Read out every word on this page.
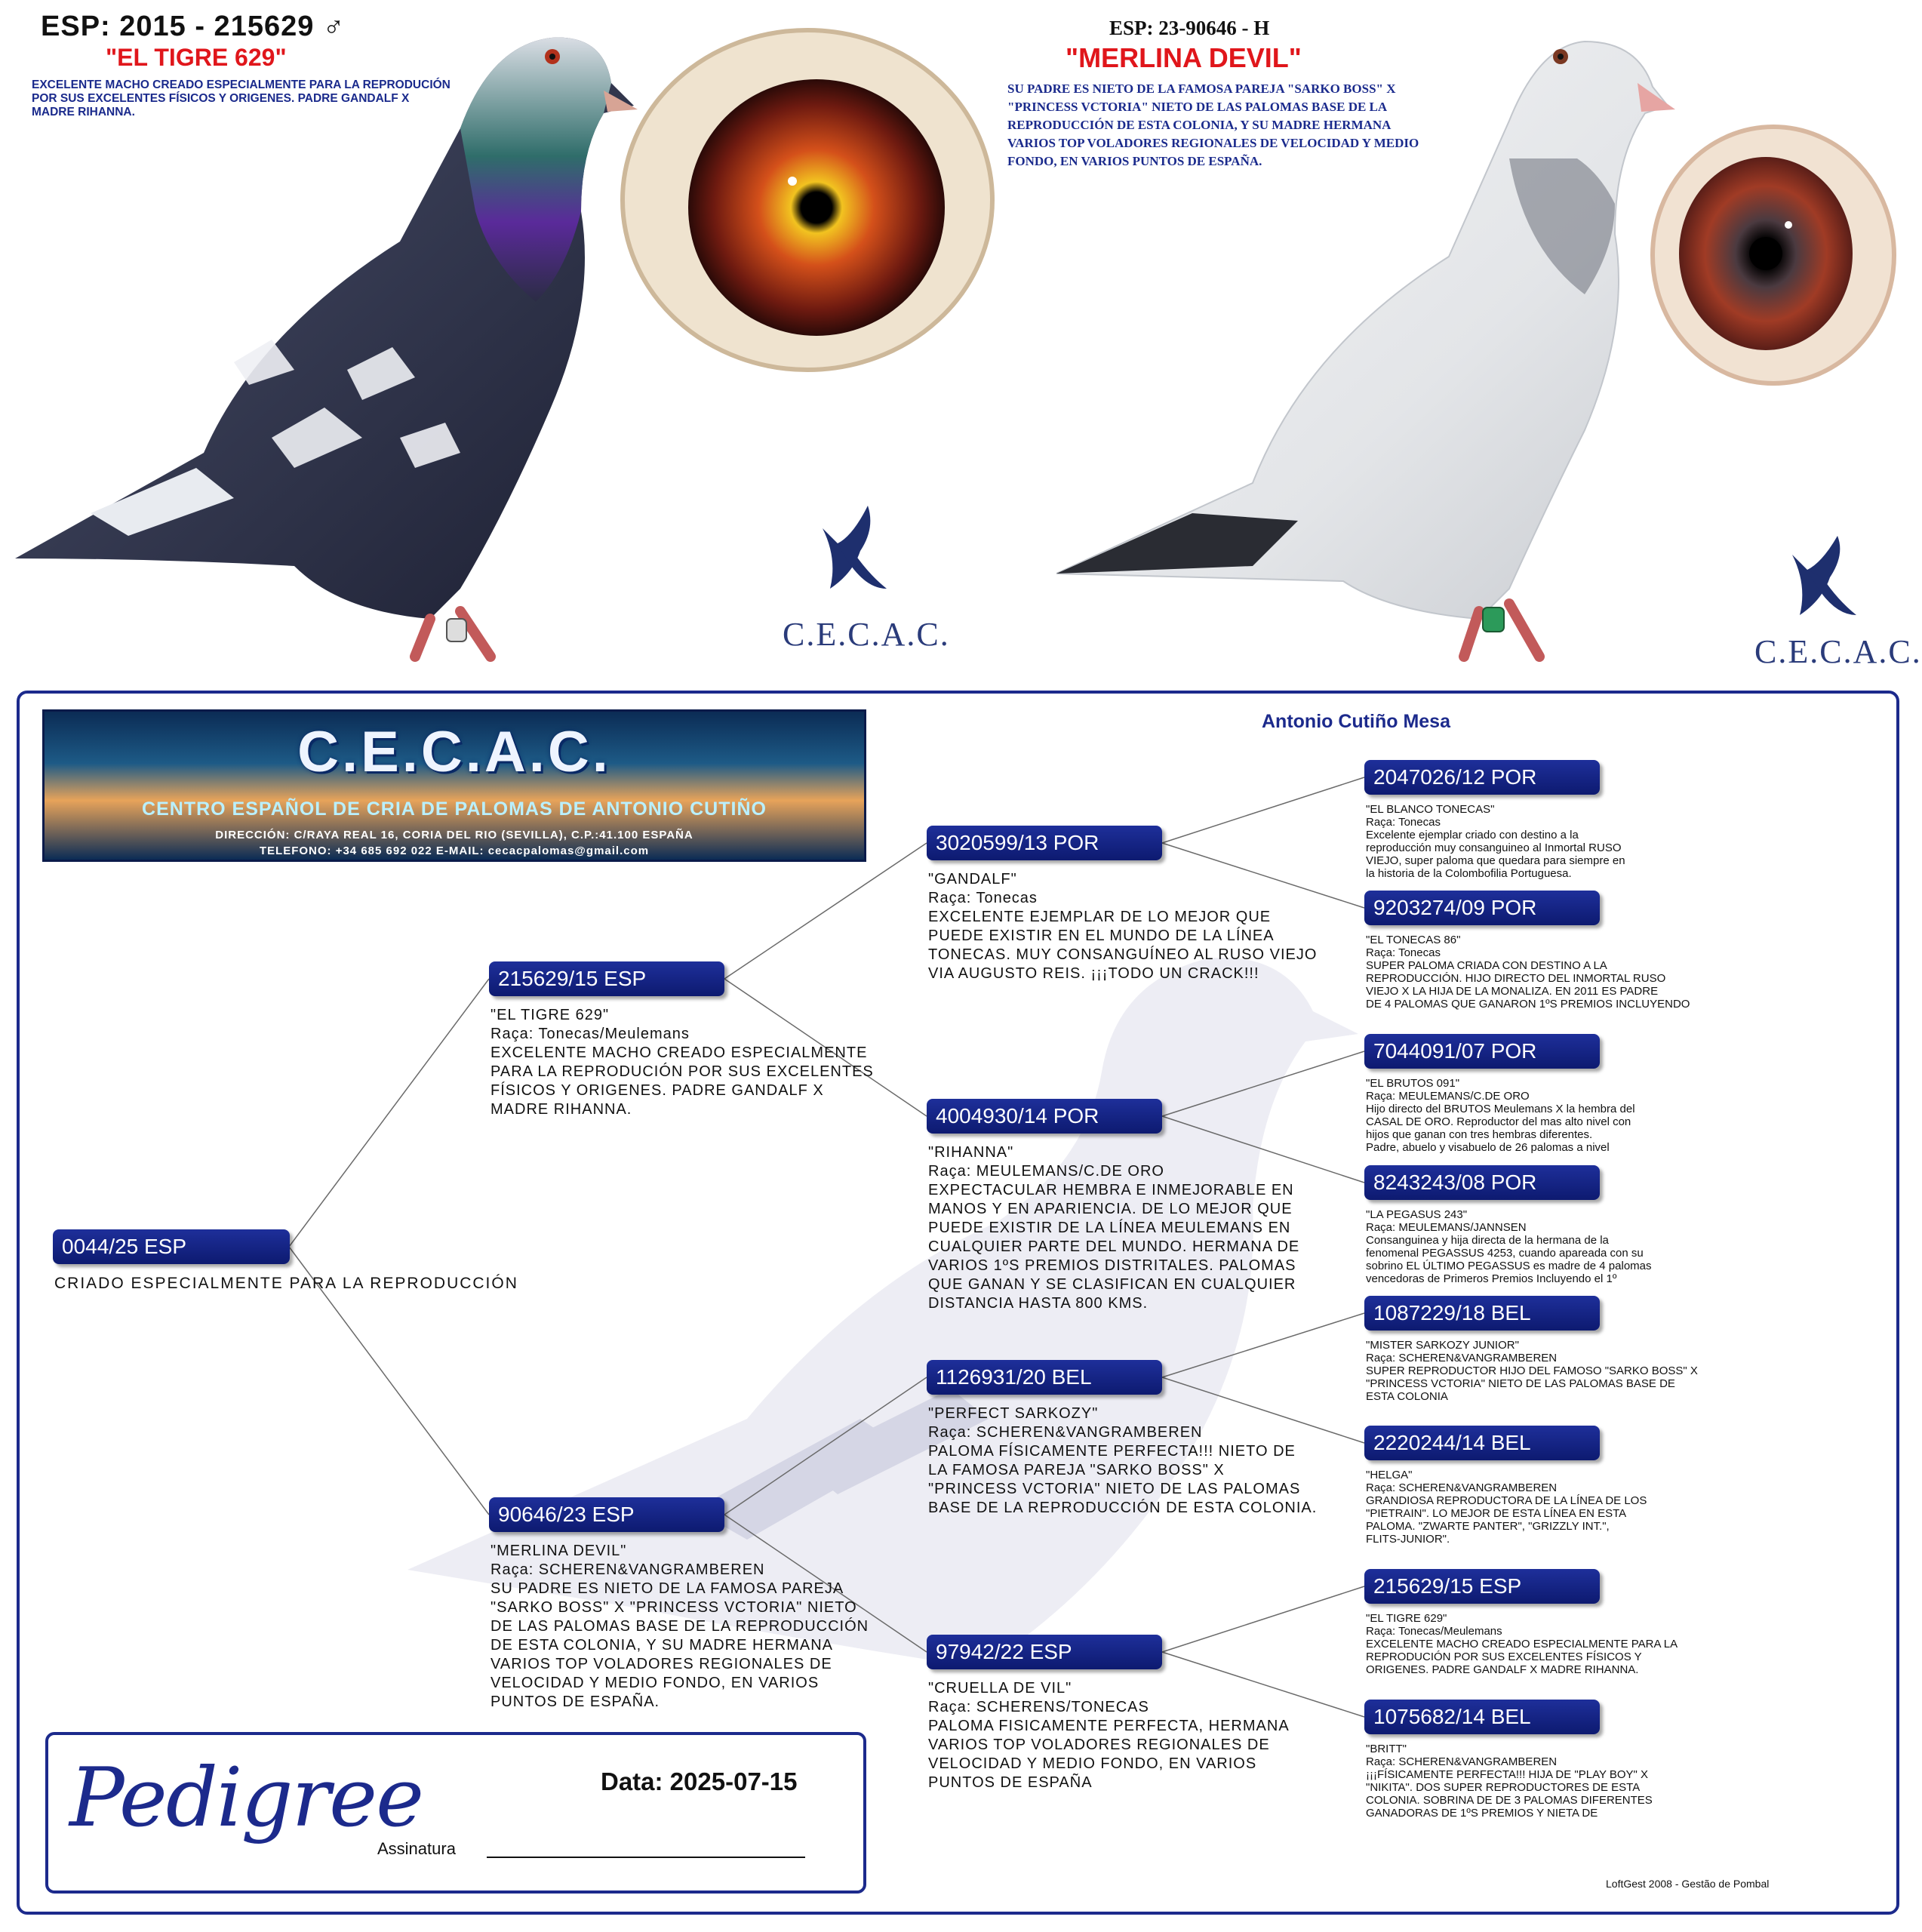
ESP: 2015 - 215629 ♂
"EL TIGRE 629"
EXCELENTE MACHO CREADO ESPECIALMENTE PARA LA REPRODUCIÓN POR SUS EXCELENTES FÍSICOS Y ORIGENES. PADRE GANDALF X MADRE RIHANNA.
ESP: 23-90646 - H
"MERLINA DEVIL"
SU PADRE ES NIETO DE LA FAMOSA PAREJA "SARKO BOSS" X "PRINCESS VCTORIA" NIETO DE LAS PALOMAS BASE DE LA REPRODUCCIÓN DE ESTA COLONIA, Y SU MADRE HERMANA VARIOS TOP VOLADORES REGIONALES DE VELOCIDAD Y MEDIO FONDO, EN VARIOS PUNTOS DE ESPAÑA.
C.E.C.A.C.	C.E.C.A.C.
C.E.C.A.C.
CENTRO ESPAÑOL DE CRIA DE PALOMAS DE ANTONIO CUTIÑO
DIRECCIÓN: C/RAYA REAL 16, CORIA DEL RIO (SEVILLA), C.P.:41.100 ESPAÑA
TELEFONO: +34 685 692 022 E-MAIL: cecacpalomas@gmail.com
Antonio Cutiño Mesa
0044/25 ESP
CRIADO ESPECIALMENTE PARA LA REPRODUCCIÓN
215629/15 ESP

"EL TIGRE 629"

Raça: Tonecas/Meulemans

EXCELENTE MACHO CREADO ESPECIALMENTE

PARA LA REPRODUCIÓN POR SUS EXCELENTES

FÍSICOS Y ORIGENES. PADRE GANDALF X

MADRE RIHANNA.

90646/23 ESP

"MERLINA DEVIL"

Raça: SCHEREN&VANGRAMBEREN

SU PADRE ES NIETO DE LA FAMOSA PAREJA

"SARKO BOSS" X "PRINCESS VCTORIA" NIETO

DE LAS PALOMAS BASE DE LA REPRODUCCIÓN

DE ESTA COLONIA, Y SU MADRE HERMANA

VARIOS TOP VOLADORES REGIONALES DE

VELOCIDAD Y MEDIO FONDO, EN VARIOS

PUNTOS DE ESPAÑA.

3020599/13 POR

"GANDALF"

Raça: Tonecas

EXCELENTE EJEMPLAR DE LO MEJOR QUE

PUEDE EXISTIR EN EL MUNDO DE LA LÍNEA

TONECAS. MUY CONSANGUÍNEO AL RUSO VIEJO

VIA AUGUSTO REIS. ¡¡¡TODO UN CRACK!!!

4004930/14 POR

"RIHANNA"

Raça: MEULEMANS/C.DE ORO

EXPECTACULAR HEMBRA E INMEJORABLE EN

MANOS Y EN APARIENCIA. DE LO MEJOR QUE

PUEDE EXISTIR DE LA LÍNEA MEULEMANS EN

CUALQUIER PARTE DEL MUNDO. HERMANA DE

VARIOS 1ºS PREMIOS DISTRITALES. PALOMAS

QUE GANAN Y SE CLASIFICAN EN CUALQUIER

DISTANCIA HASTA 800 KMS.

1126931/20 BEL

"PERFECT SARKOZY"

Raça: SCHEREN&VANGRAMBEREN

PALOMA FÍSICAMENTE PERFECTA!!! NIETO DE

LA FAMOSA PAREJA "SARKO BOSS" X

"PRINCESS VCTORIA" NIETO DE LAS PALOMAS

BASE DE LA REPRODUCCIÓN DE ESTA COLONIA.

97942/22 ESP

"CRUELLA DE VIL"

Raça: SCHERENS/TONECAS

PALOMA FISICAMENTE PERFECTA, HERMANA

VARIOS TOP VOLADORES REGIONALES DE

VELOCIDAD Y MEDIO FONDO, EN VARIOS

PUNTOS DE ESPAÑA

2047026/12 POR

"EL BLANCO TONECAS"

Raça: Tonecas

Excelente ejemplar criado con destino a la

reproducción muy consanguineo al Inmortal RUSO

VIEJO, super paloma que quedara para siempre en

la historia de la Colombofilia Portuguesa.

9203274/09 POR

"EL TONECAS 86"

Raça: Tonecas

SUPER PALOMA CRIADA CON DESTINO A LA

REPRODUCCIÓN. HIJO DIRECTO DEL INMORTAL RUSO

VIEJO X LA HIJA DE LA MONALIZA. EN 2011 ES PADRE

DE 4 PALOMAS QUE GANARON 1ºS PREMIOS INCLUYENDO

7044091/07 POR

"EL BRUTOS 091"

Raça: MEULEMANS/C.DE ORO

Hijo directo del BRUTOS Meulemans X la hembra del

CASAL DE ORO. Reproductor del mas alto nivel con

hijos que ganan con tres hembras diferentes.

Padre, abuelo y visabuelo de 26 palomas a nivel

8243243/08 POR

"LA PEGASUS 243"

Raça: MEULEMANS/JANNSEN

Consanguinea y hija directa de la hermana de la

fenomenal PEGASSUS 4253, cuando apareada con su

sobrino EL ÚLTIMO PEGASSUS es madre de 4 palomas

vencedoras de Primeros Premios Incluyendo el 1º

1087229/18 BEL

"MISTER SARKOZY JUNIOR"

Raça: SCHEREN&VANGRAMBEREN

SUPER REPRODUCTOR HIJO DEL FAMOSO "SARKO BOSS" X

"PRINCESS VCTORIA" NIETO DE LAS PALOMAS BASE DE

ESTA COLONIA

2220244/14 BEL

"HELGA"

Raça: SCHEREN&VANGRAMBEREN

GRANDIOSA REPRODUCTORA DE LA LÍNEA DE LOS

"PIETRAIN". LO MEJOR DE ESTA LÍNEA EN ESTA

PALOMA. "ZWARTE PANTER", "GRIZZLY INT.",

FLITS-JUNIOR".

215629/15 ESP

"EL TIGRE 629"

Raça: Tonecas/Meulemans

EXCELENTE MACHO CREADO ESPECIALMENTE PARA LA

REPRODUCIÓN POR SUS EXCELENTES FÍSICOS Y

ORIGENES. PADRE GANDALF X MADRE RIHANNA.

1075682/14 BEL

"BRITT"

Raça: SCHEREN&VANGRAMBEREN

¡¡¡FÍSICAMENTE PERFECTA!!! HIJA DE "PLAY BOY" X

"NIKITA". DOS SUPER REPRODUCTORES DE ESTA

COLONIA. SOBRINA DE DE 3 PALOMAS DIFERENTES

GANADORAS DE 1ºS PREMIOS Y NIETA DE

Pedigree	Data: 2025-07-15
Assinatura
LoftGest 2008 - Gestão de Pombal
